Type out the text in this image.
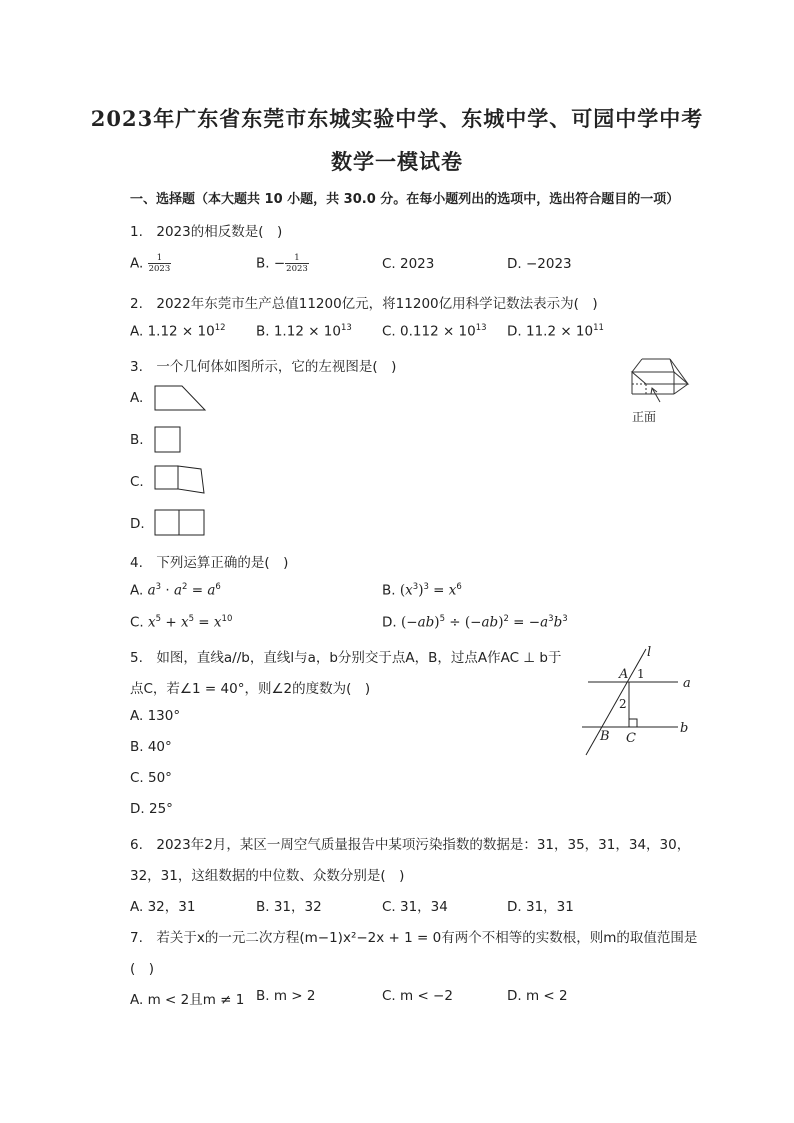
2023年广东省东莞市东城实验中学、东城中学、可园中学中考
数学一模试卷
一、选择题（本大题共 10 小题，共 30.0 分。在每小题列出的选项中，选出符合题目的一项）
1.　2023的相反数是(　)
A. $\frac{1}{2023}$	B. − $\frac{1}{2023}$	C. 2023	D. −2023
2.　2022年东莞市生产总值11200亿元，将11200亿用科学记数法表示为(　)
A. $1.12 \times 10^{12}$ B. $1.12 \times 10^{13}$ C. $0.112 \times 10^{13}$ D. $11.2 \times 10^{11}$
3.　一个几何体如图所示，它的左视图是(　)
正面
A.
B.
C.
D.
4.　下列运算正确的是(　)
A. $a^3 \cdot a^2 = a^6$	B. $(x^3)^3 = x^6$
C. $x^5 + x^5 = x^{10}$	D. $(-ab)^5 \div (-ab)^2 = -a^3b^3$
5.　如图，直线a//b，直线l与a，b分别交于点A，B，过点A作AC ⊥ b于
点C，若∠1 = 40°，则∠2的度数为(　)
A. 130°
B. 40°
C. 50°
D. 25°
l
a
b
A 1
2
B C
6.　2023年2月，某区一周空气质量报告中某项污染指数的数据是：31，35，31，34，30，
32，31，这组数据的中位数、众数分别是(　)
A. 32，31	B. 31，32	C. 31，34	D. 31，31
7.　若关于x的一元二次方程(m−1)x²−2x + 1 = 0有两个不相等的实数根，则m的取值范围是
(　)
A. m < 2且m ≠ 1 B. m > 2	C. m < −2	D. m < 2
